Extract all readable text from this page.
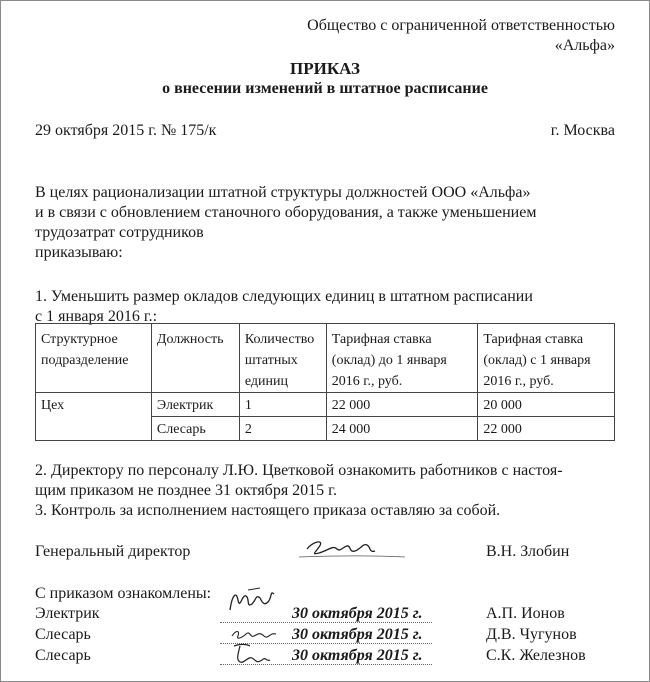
Общество с ограниченной ответственностью
«Альфа»
ПРИКАЗ
о внесении изменений в штатное расписание
29 октября 2015 г. № 175/к	г. Москва
В целях рационализации штатной структуры должностей ООО «Альфа»
и в связи с обновлением станочного оборудования, а также уменьшением
трудозатрат сотрудников
приказываю:
1. Уменьшить размер окладов следующих единиц в штатном расписании
с 1 января 2016 г.:
Структурное подразделение	Должность	Количество штатных единиц	Тарифная ставка (оклад) до 1 января 2016 г., руб.	Тарифная ставка (оклад) с 1 января 2016 г., руб.
Цех	Электрик	1	22 000	20 000
	Слесарь	2	24 000	22 000
2. Директору по персоналу Л.Ю. Цветковой ознакомить работников с настоя-
щим приказом не позднее 31 октября 2015 г.
3. Контроль за исполнением настоящего приказа оставляю за собой.
Генеральный директор	В.Н. Злобин
С приказом ознакомлены:
Электрик	30 октября 2015 г.	А.П. Ионов
Слесарь	30 октября 2015 г.	Д.В. Чугунов
Слесарь	30 октября 2015 г.	С.К. Железнов
